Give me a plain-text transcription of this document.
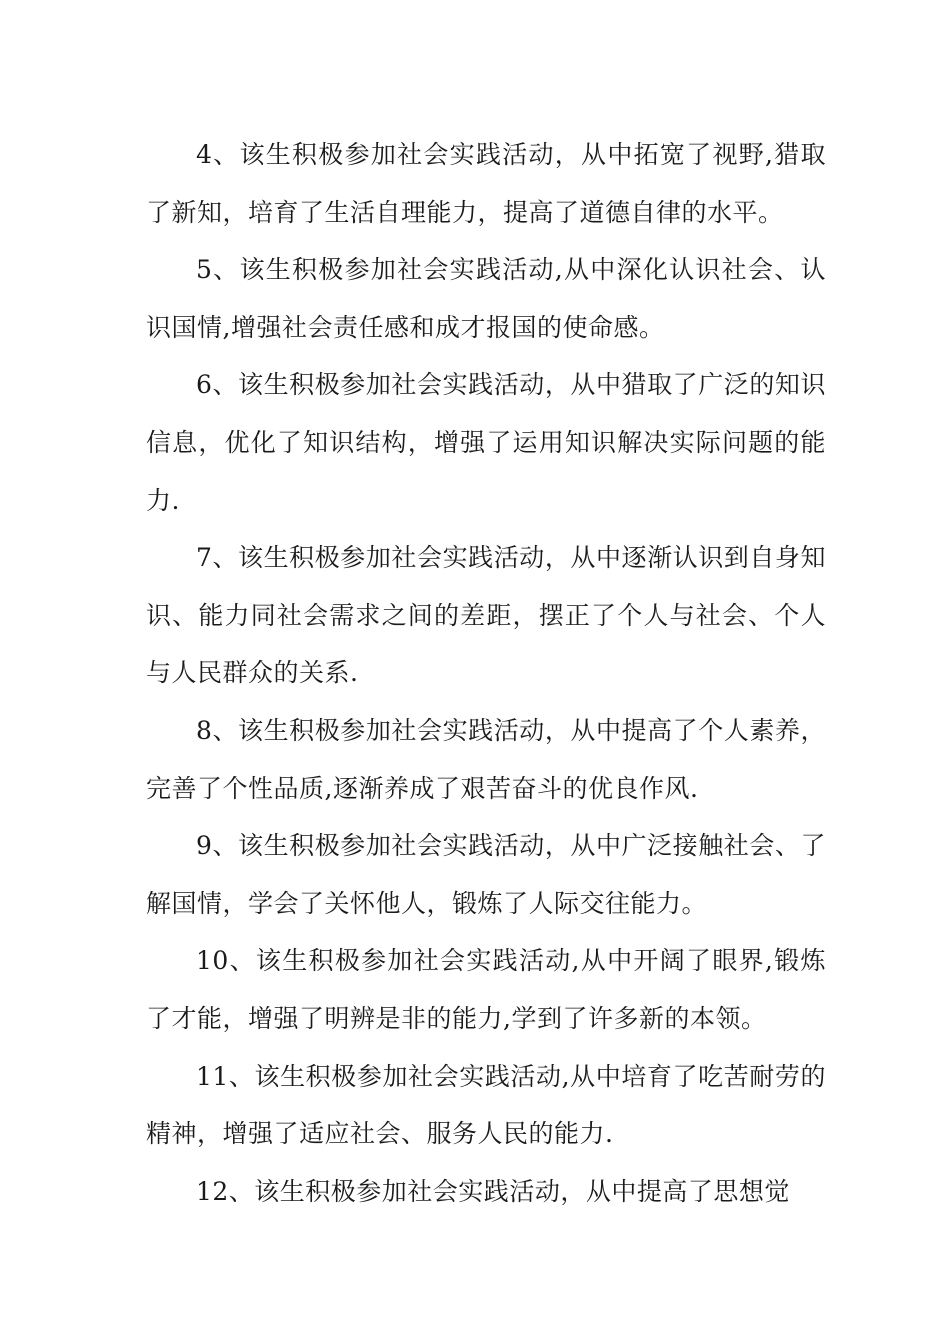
4、该生积极参加社会实践活动，从中拓宽了视野,猎取了新知，培育了生活自理能力，提高了道德自律的水平。

5、该生积极参加社会实践活动,从中深化认识社会、认识国情,增强社会责任感和成才报国的使命感。

6、该生积极参加社会实践活动，从中猎取了广泛的知识信息，优化了知识结构，增强了运用知识解决实际问题的能力.

7、该生积极参加社会实践活动，从中逐渐认识到自身知识、能力同社会需求之间的差距，摆正了个人与社会、个人与人民群众的关系.

8、该生积极参加社会实践活动，从中提高了个人素养，完善了个性品质,逐渐养成了艰苦奋斗的优良作风.

9、该生积极参加社会实践活动，从中广泛接触社会、了解国情，学会了关怀他人，锻炼了人际交往能力。

10、该生积极参加社会实践活动,从中开阔了眼界,锻炼了才能，增强了明辨是非的能力,学到了许多新的本领。

11、该生积极参加社会实践活动,从中培育了吃苦耐劳的精神，增强了适应社会、服务人民的能力.

12、该生积极参加社会实践活动，从中提高了思想觉
